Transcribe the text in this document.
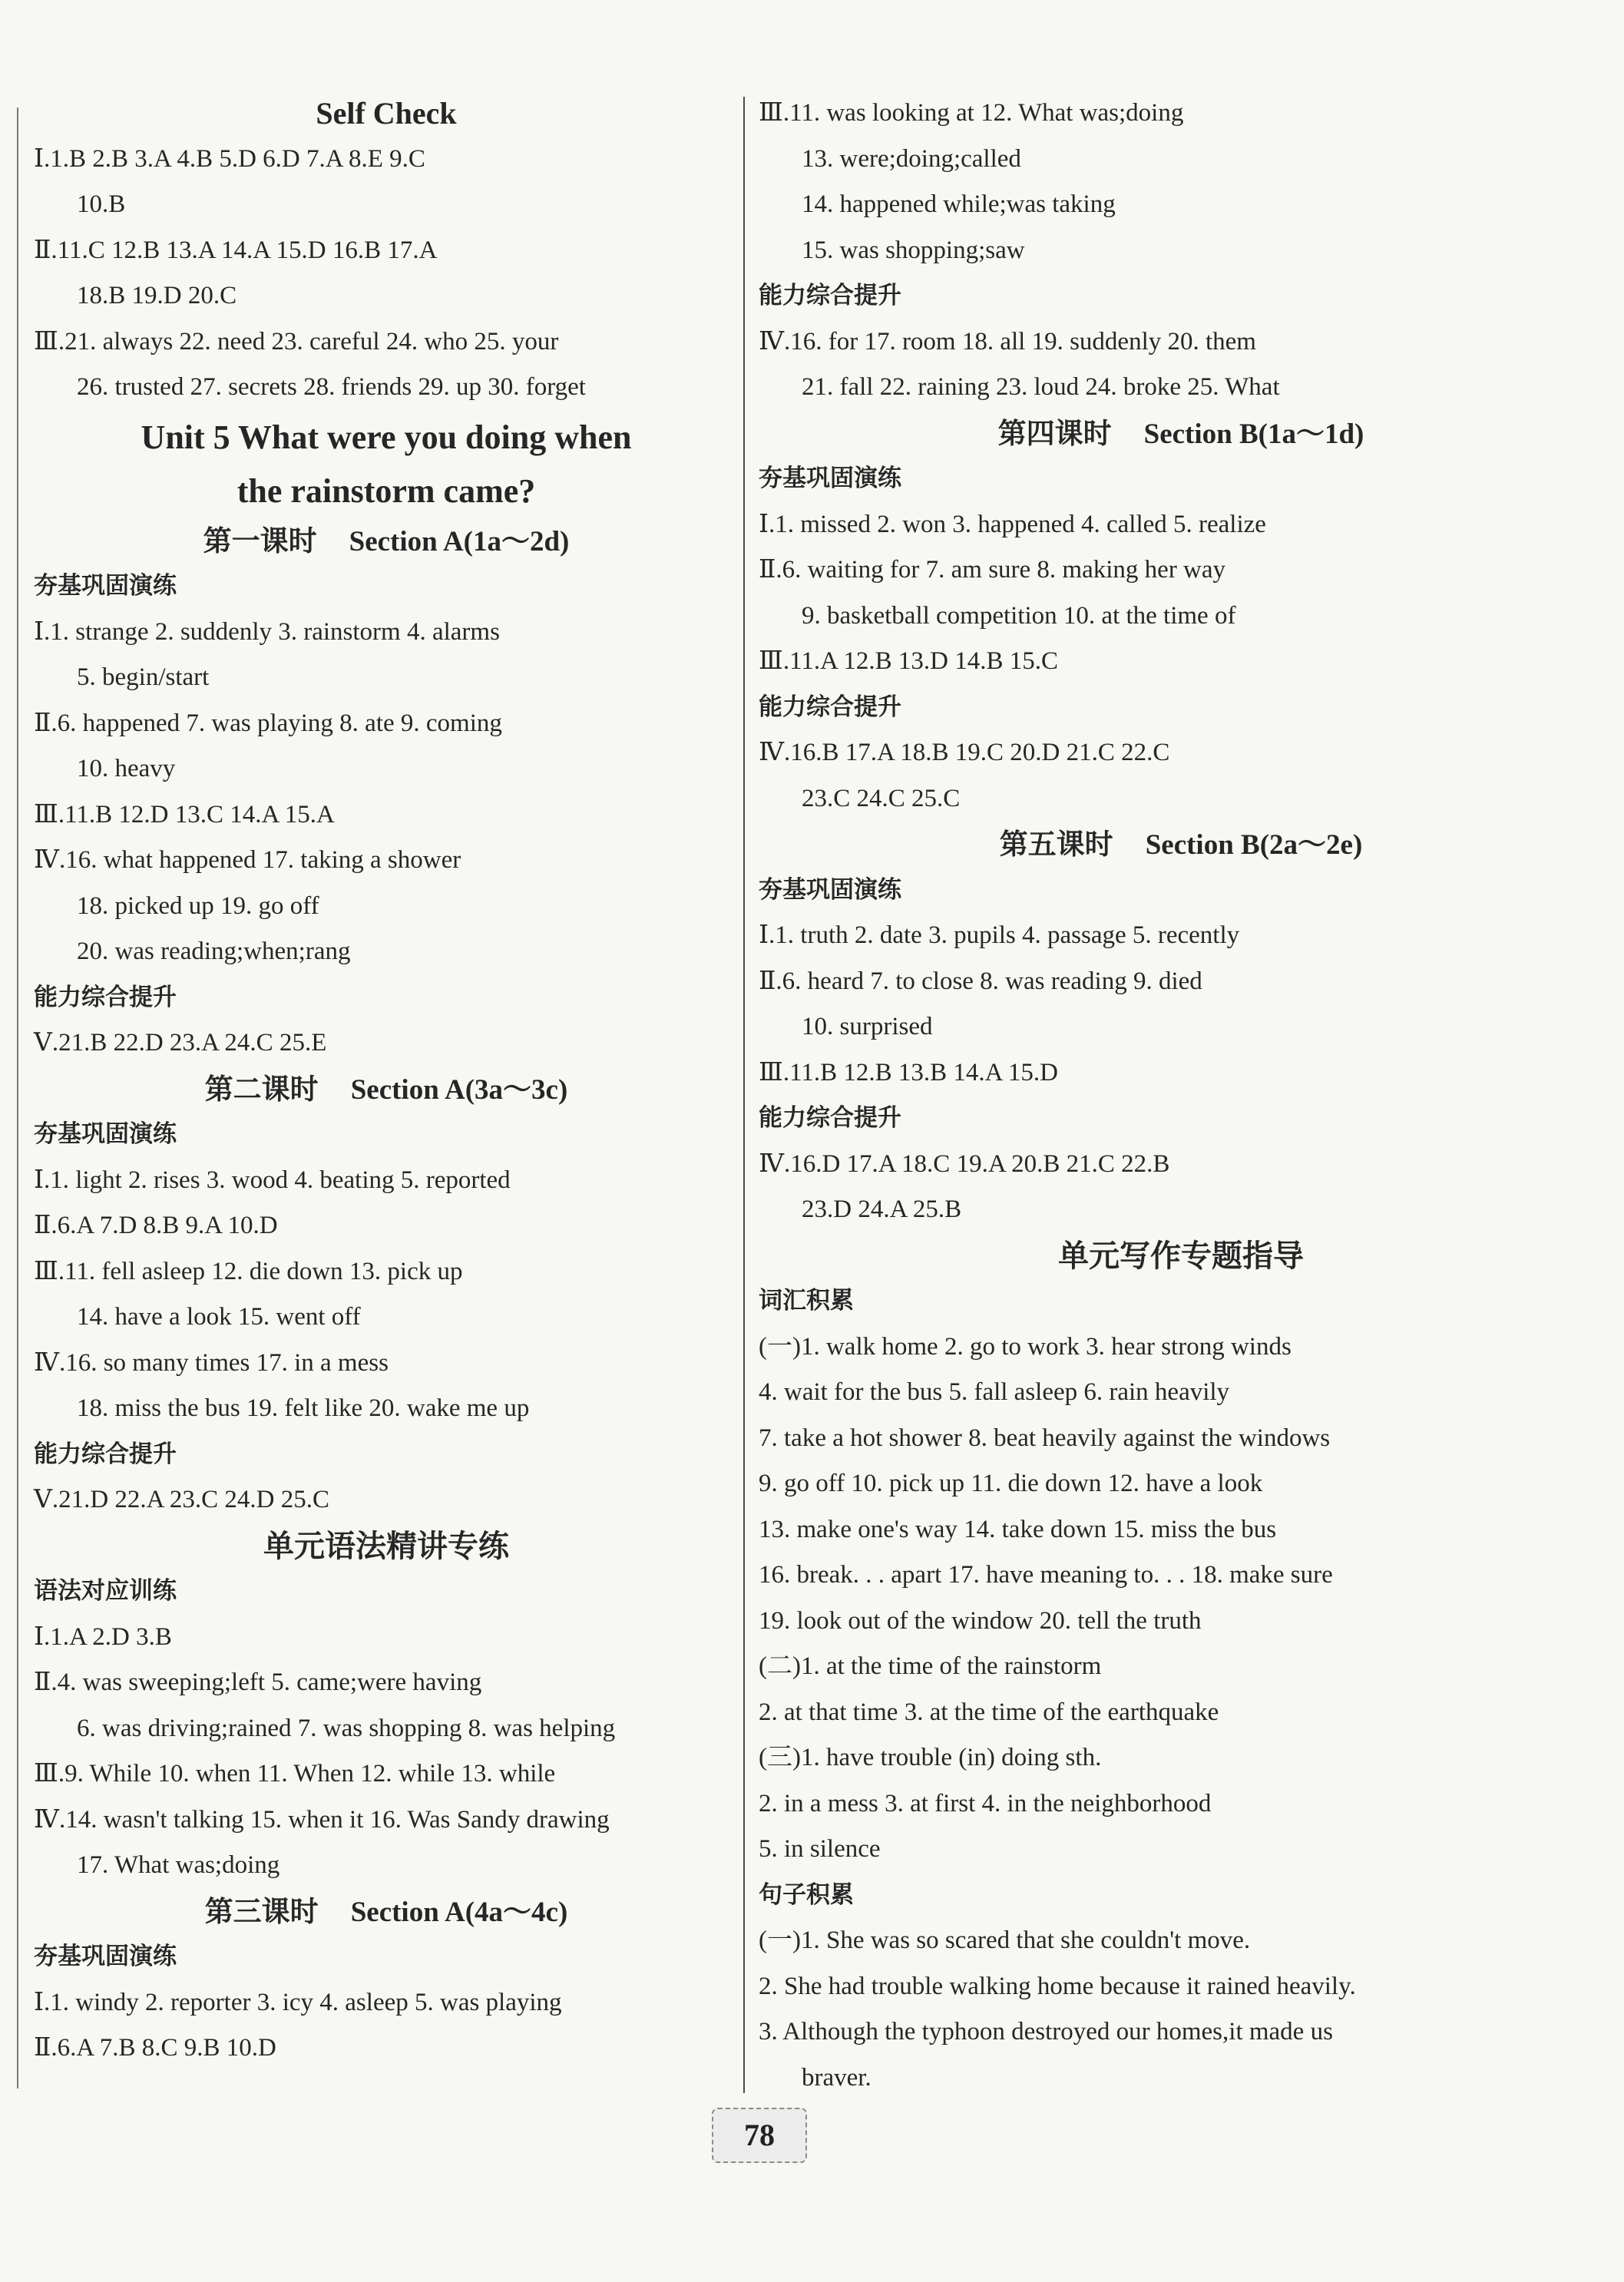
Self Check
Ⅰ.1.B 2.B 3.A 4.B 5.D 6.D 7.A 8.E 9.C
10.B
Ⅱ.11.C 12.B 13.A 14.A 15.D 16.B 17.A
18.B 19.D 20.C
Ⅲ.21. always 22. need 23. careful 24. who 25. your
26. trusted 27. secrets 28. friends 29. up 30. forget
Unit 5 What were you doing when
the rainstorm came?
第一课时 Section A(1a～2d)
夯基巩固演练
Ⅰ.1. strange 2. suddenly 3. rainstorm 4. alarms
5. begin/start
Ⅱ.6. happened 7. was playing 8. ate 9. coming
10. heavy
Ⅲ.11.B 12.D 13.C 14.A 15.A
Ⅳ.16. what happened 17. taking a shower
18. picked up 19. go off
20. was reading;when;rang
能力综合提升
Ⅴ.21.B 22.D 23.A 24.C 25.E
第二课时 Section A(3a～3c)
夯基巩固演练
Ⅰ.1. light 2. rises 3. wood 4. beating 5. reported
Ⅱ.6.A 7.D 8.B 9.A 10.D
Ⅲ.11. fell asleep 12. die down 13. pick up
14. have a look 15. went off
Ⅳ.16. so many times 17. in a mess
18. miss the bus 19. felt like 20. wake me up
能力综合提升
Ⅴ.21.D 22.A 23.C 24.D 25.C
单元语法精讲专练
语法对应训练
Ⅰ.1.A 2.D 3.B
Ⅱ.4. was sweeping;left 5. came;were having
6. was driving;rained 7. was shopping 8. was helping
Ⅲ.9. While 10. when 11. When 12. while 13. while
Ⅳ.14. wasn't talking 15. when it 16. Was Sandy drawing
17. What was;doing
第三课时 Section A(4a～4c)
夯基巩固演练
Ⅰ.1. windy 2. reporter 3. icy 4. asleep 5. was playing
Ⅱ.6.A 7.B 8.C 9.B 10.D
Ⅲ.11. was looking at 12. What was;doing
13. were;doing;called
14. happened while;was taking
15. was shopping;saw
能力综合提升
Ⅳ.16. for 17. room 18. all 19. suddenly 20. them
21. fall 22. raining 23. loud 24. broke 25. What
第四课时 Section B(1a～1d)
夯基巩固演练
Ⅰ.1. missed 2. won 3. happened 4. called 5. realize
Ⅱ.6. waiting for 7. am sure 8. making her way
9. basketball competition 10. at the time of
Ⅲ.11.A 12.B 13.D 14.B 15.C
能力综合提升
Ⅳ.16.B 17.A 18.B 19.C 20.D 21.C 22.C
23.C 24.C 25.C
第五课时 Section B(2a～2e)
夯基巩固演练
Ⅰ.1. truth 2. date 3. pupils 4. passage 5. recently
Ⅱ.6. heard 7. to close 8. was reading 9. died
10. surprised
Ⅲ.11.B 12.B 13.B 14.A 15.D
能力综合提升
Ⅳ.16.D 17.A 18.C 19.A 20.B 21.C 22.B
23.D 24.A 25.B
单元写作专题指导
词汇积累
(一)1. walk home 2. go to work 3. hear strong winds
4. wait for the bus 5. fall asleep 6. rain heavily
7. take a hot shower 8. beat heavily against the windows
9. go off 10. pick up 11. die down 12. have a look
13. make one's way 14. take down 15. miss the bus
16. break. . . apart 17. have meaning to. . . 18. make sure
19. look out of the window 20. tell the truth
(二)1. at the time of the rainstorm
2. at that time 3. at the time of the earthquake
(三)1. have trouble (in) doing sth.
2. in a mess 3. at first 4. in the neighborhood
5. in silence
句子积累
(一)1. She was so scared that she couldn't move.
2. She had trouble walking home because it rained heavily.
3. Although the typhoon destroyed our homes,it made us
braver.
78
